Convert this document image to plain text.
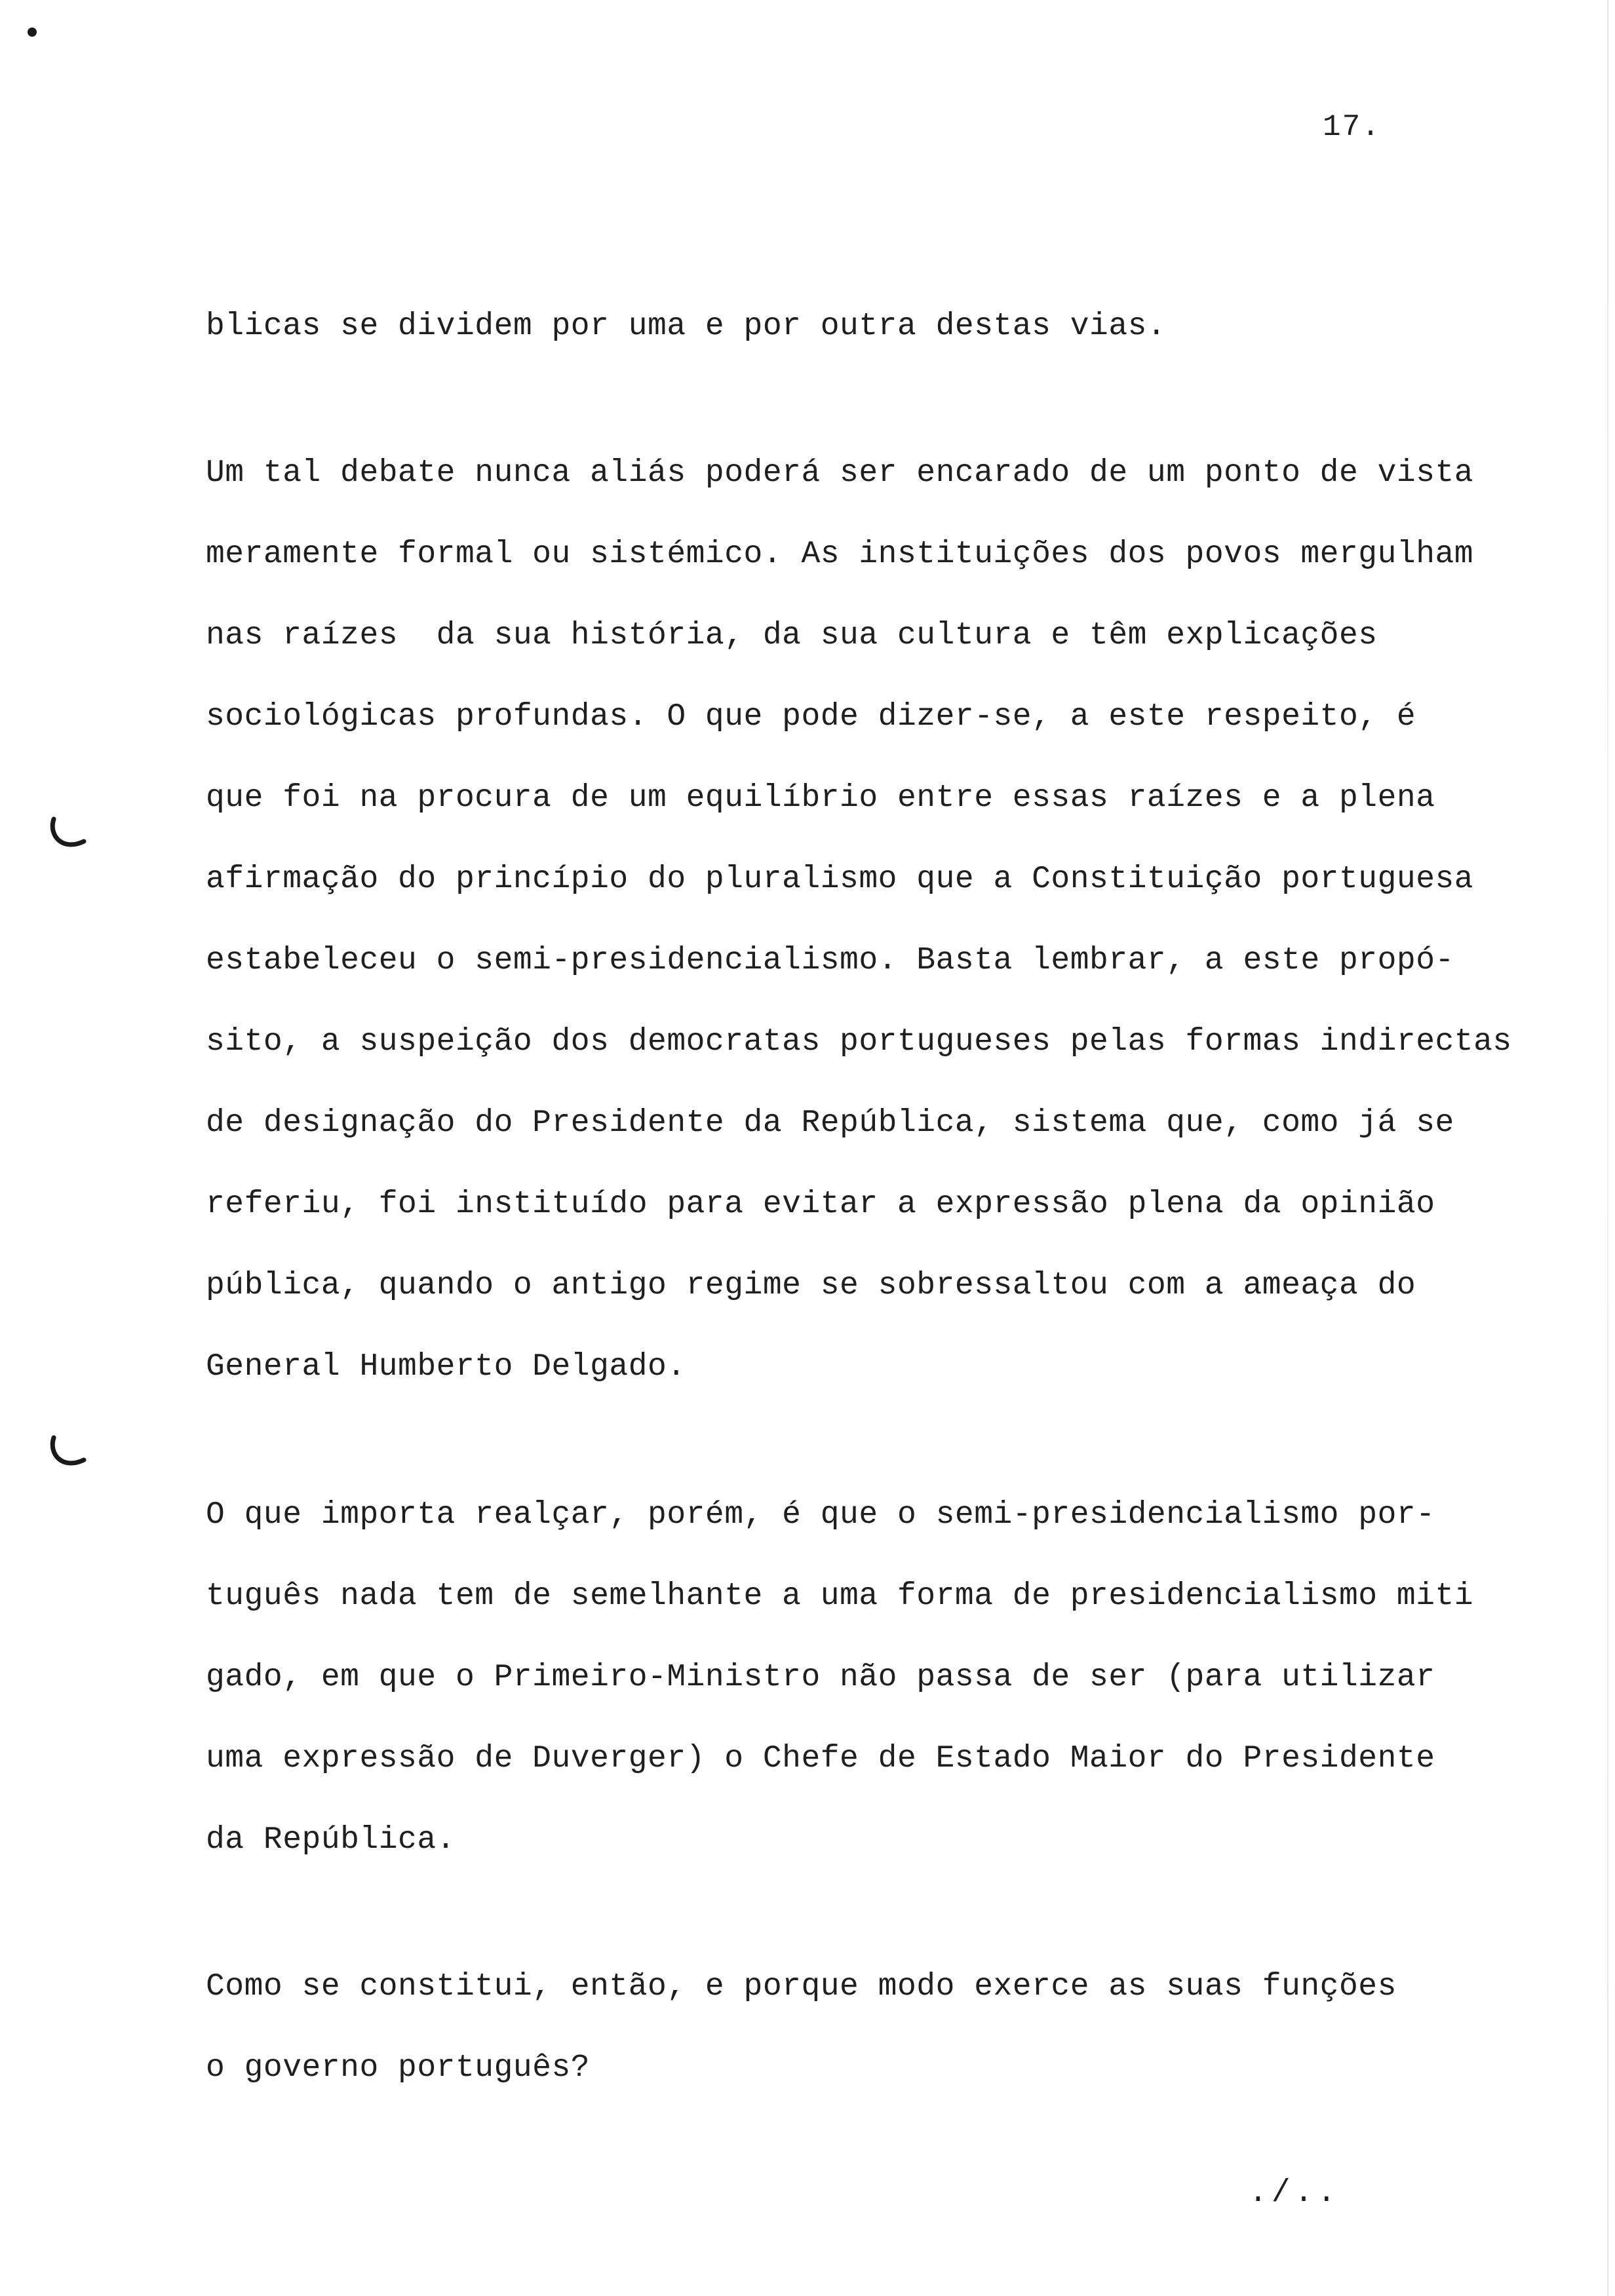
17.
blicas se dividem por uma e por outra destas vias.
Um tal debate nunca aliás poderá ser encarado de um ponto de vista
meramente formal ou sistémico. As instituições dos povos mergulham
nas raízes  da sua história, da sua cultura e têm explicações
sociológicas profundas. O que pode dizer-se, a este respeito, é
que foi na procura de um equilíbrio entre essas raízes e a plena
afirmação do princípio do pluralismo que a Constituição portuguesa
estabeleceu o semi-presidencialismo. Basta lembrar, a este propó-
sito, a suspeição dos democratas portugueses pelas formas indirectas
de designação do Presidente da República, sistema que, como já se
referiu, foi instituído para evitar a expressão plena da opinião
pública, quando o antigo regime se sobressaltou com a ameaça do
General Humberto Delgado.
O que importa realçar, porém, é que o semi-presidencialismo por-
tuguês nada tem de semelhante a uma forma de presidencialismo miti
gado, em que o Primeiro-Ministro não passa de ser (para utilizar
uma expressão de Duverger) o Chefe de Estado Maior do Presidente
da República.
Como se constitui, então, e porque modo exerce as suas funções
o governo português?
./..
